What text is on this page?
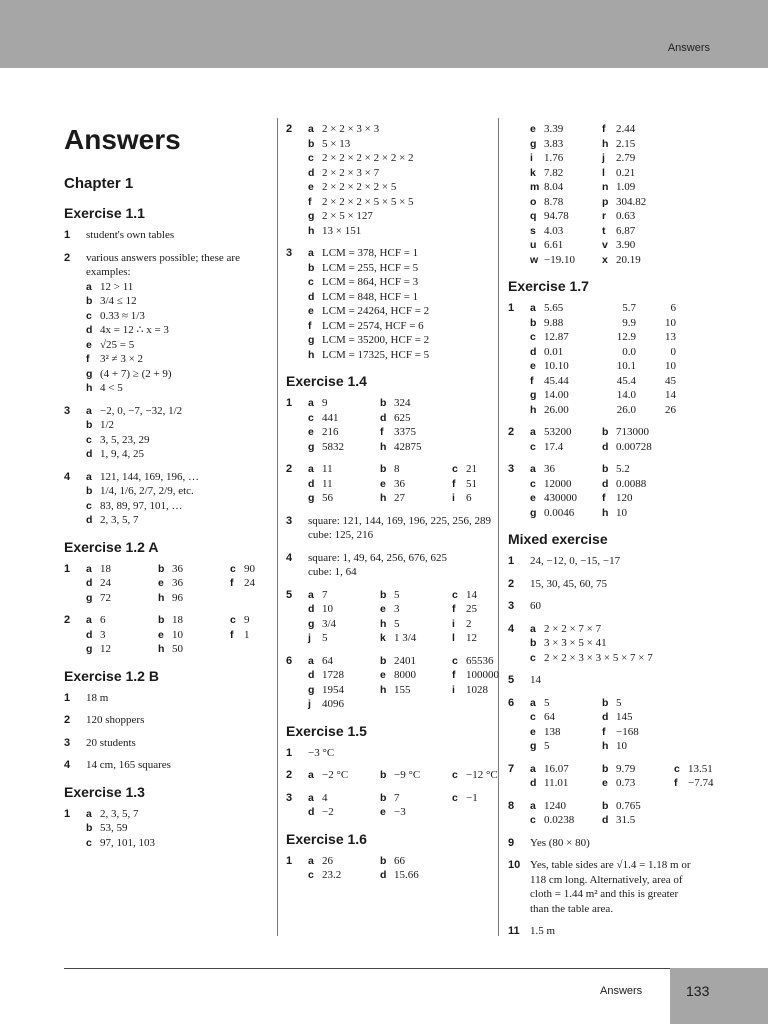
Answers
Answers
Chapter 1
Exercise 1.1
1	student's own tables
2	various answers possible; these are
examples:
a 12 > 11
b 3/4 ≤ 12
c 0.33 ≈ 1/3
d 4x = 12 ∴ x = 3
e √25 = 5
f 3² ≠ 3 × 2
g (4 + 7) ≥ (2 + 9)
h 4 < 5
3	a −2, 0, −7, −32, 1/2
b 1/2
c 3, 5, 23, 29
d 1, 9, 4, 25
4	a 121, 144, 169, 196, …
b 1/4, 1/6, 2/7, 2/9, etc.
c 83, 89, 97, 101, …
d 2, 3, 5, 7
Exercise 1.2 A
1	a 18	b 36	c 90
d 24	e 36	f 24
g 72	h 96
2	a 6	b 18	c 9
d 3	e 10	f 1
g 12	h 50
Exercise 1.2 B
1	18 m
2	120 shoppers
3	20 students
4	14 cm, 165 squares
Exercise 1.3
1	a 2, 3, 5, 7
b 53, 59
c 97, 101, 103
2	a 2 × 2 × 3 × 3
b 5 × 13
c 2 × 2 × 2 × 2 × 2 × 2
d 2 × 2 × 3 × 7
e 2 × 2 × 2 × 2 × 5
f 2 × 2 × 2 × 5 × 5 × 5
g 2 × 5 × 127
h 13 × 151
3	a LCM = 378, HCF = 1
b LCM = 255, HCF = 5
c LCM = 864, HCF = 3
d LCM = 848, HCF = 1
e LCM = 24264, HCF = 2
f LCM = 2574, HCF = 6
g LCM = 35200, HCF = 2
h LCM = 17325, HCF = 5
Exercise 1.4
1	a 9	b 324
c 441	d 625
e 216	f 3375
g 5832	h 42875
2	a 11	b 8	c 21
d 11	e 36	f 51
g 56	h 27	i	6
3	square: 121, 144, 169, 196, 225, 256, 289
cube: 125, 216
4	square: 1, 49, 64, 256, 676, 625
cube: 1, 64
5	a 7	b 5	c 14
d 10	e 3	f 25
g 3/4	h 5	i	2
j	5	k 1 3/4	l	12
6	a 64	b 2401	c 65536
d 1728	e 8000	f 100000
g 1954	h 155	i	1028
j	4096
Exercise 1.5
1	−3 °C
2	a −2 °C	b −9 °C	c −12 °C
3	a 4	b 7	c −1
d −2	e −3
Exercise 1.6
1	a 26	b 66
c 23.2	d 15.66
e 3.39	f 2.44
g 3.83	h 2.15
i	1.76	j	2.79
k 7.82	l	0.21
m 8.04	n 1.09
o 8.78	p 304.82
q 94.78	r 0.63
s 4.03	t 6.87
u 6.61	v 3.90
w −19.10	x 20.19
Exercise 1.7
1	a 5.65	5.7	6
b 9.88	9.9	10
c 12.87	12.9	13
d 0.01	0.0	0
e 10.10	10.1	10
f 45.44	45.4	45
g 14.00	14.0	14
h 26.00	26.0	26
2	a 53200	b 713000
c 17.4	d 0.00728
3	a 36	b 5.2
c 12000	d 0.0088
e 430000 f 120
g 0.0046	h 10
Mixed exercise
1	24, −12, 0, −15, −17
2	15, 30, 45, 60, 75
3	60
4	a 2 × 2 × 7 × 7
b 3 × 3 × 5 × 41
c 2 × 2 × 3 × 3 × 5 × 7 × 7
5	14
6	a 5	b 5
c 64	d 145
e 138	f −168
g 5	h 10
7	a 16.07	b 9.79	c 13.51
d 11.01	e 0.73	f −7.74
8	a 1240	b 0.765
c 0.0238	d 31.5
9	Yes (80 × 80)
10 Yes, table sides are √1.4 = 1.18 m or
118 cm long. Alternatively, area of
cloth = 1.44 m² and this is greater
than the table area.
11 1.5 m
Answers	133
